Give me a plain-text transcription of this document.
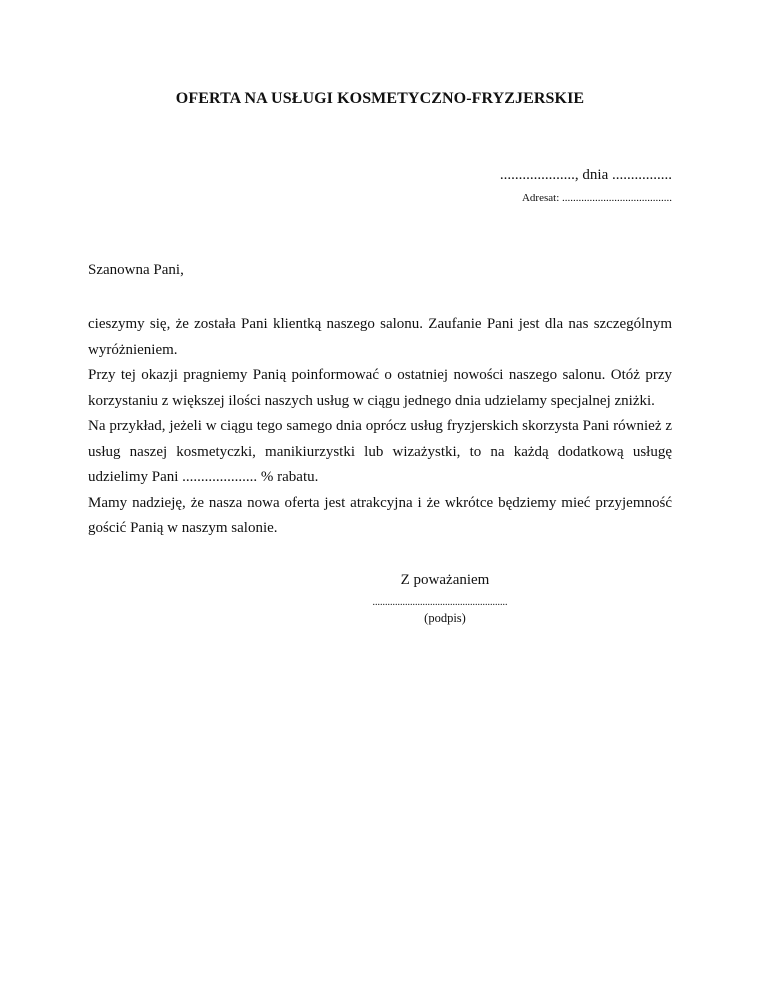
OFERTA NA USŁUGI KOSMETYCZNO-FRYZJERSKIE
...................., dnia ................
Adresat: ........................................
Szanowna Pani,

cieszymy się, że została Pani klientką naszego salonu. Zaufanie Pani jest dla nas szczególnym wyróżnieniem.

Przy tej okazji pragniemy Panią poinformować o ostatniej nowości naszego salonu. Otóż przy korzystaniu z większej ilości naszych usług w ciągu jednego dnia udzielamy specjalnej zniżki.

Na przykład, jeżeli w ciągu tego samego dnia oprócz usług fryzjerskich skorzysta Pani również z usług naszej kosmetyczki, manikiurzystki lub wizażystki, to na każdą dodatkową usługę udzielimy Pani .................... % rabatu.

Mamy nadzieję, że nasza nowa oferta jest atrakcyjna i że wkrótce będziemy mieć przyjemność gościć Panią w naszym salonie.

Z poważaniem
......................................................
(podpis)
